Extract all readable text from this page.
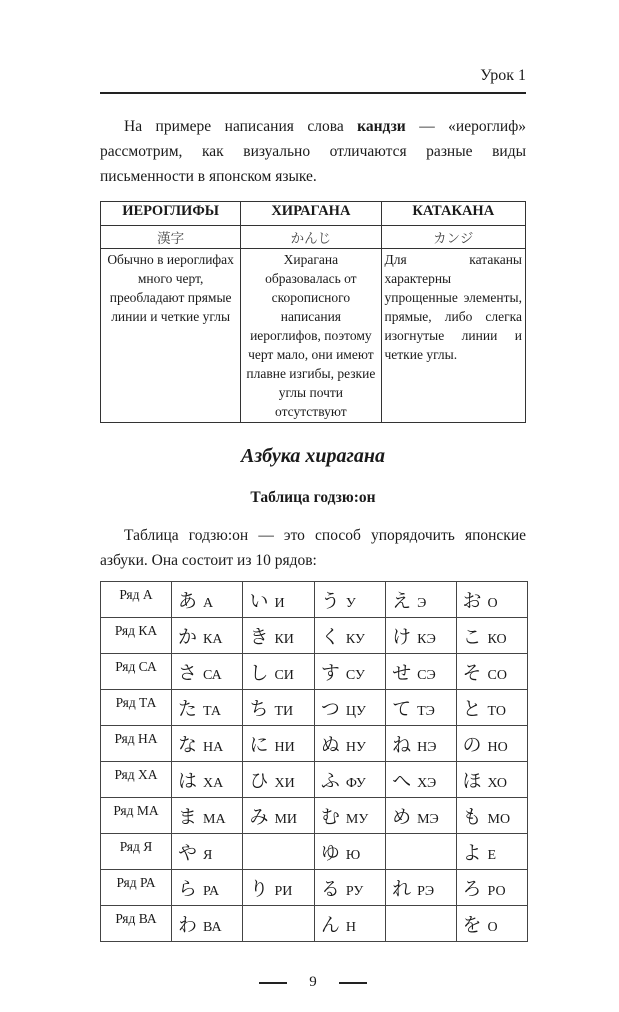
Урок 1
На примере написания слова кандзи — «иероглиф» рассмотрим, как визуально отличаются разные виды письменности в японском языке.
ИЕРОГЛИФЫ	ХИРАГАНА	КАТАКАНА
漢字	かんじ	カンジ
Обычно в иероглифах много черт, преобладают прямые линии и четкие углы	Хирагана образовалась от скорописного написания иероглифов, поэтому черт мало, они имеют плавне изгибы, резкие углы почти отсутствуют	Для катаканы характерны упрощенные элементы, прямые, либо слегка изогнутые линии и четкие углы.
Азбука хирагана
Таблица годзю:он
Таблица годзю:он — это способ упорядочить японские азбуки. Она состоит из 10 рядов:
Ряд А	あ А	い И	う У	え Э	お О
Ряд КА	か КА	き КИ	く КУ	け КЭ	こ КО
Ряд СА	さ СА	し СИ	す СУ	せ СЭ	そ СО
Ряд ТА	た ТА	ち ТИ	つ ЦУ	て ТЭ	と ТО
Ряд НА	な НА	に НИ	ぬ НУ	ね НЭ	の НО
Ряд ХА	は ХА	ひ ХИ	ふ ФУ	へ ХЭ	ほ ХО
Ряд МА	ま МА	み МИ	む МУ	め МЭ	も МО
Ряд Я	や Я		ゆ Ю		よ Е
Ряд РА	ら РА	り РИ	る РУ	れ РЭ	ろ РО
Ряд ВА	わ ВА		ん Н		を О
9
